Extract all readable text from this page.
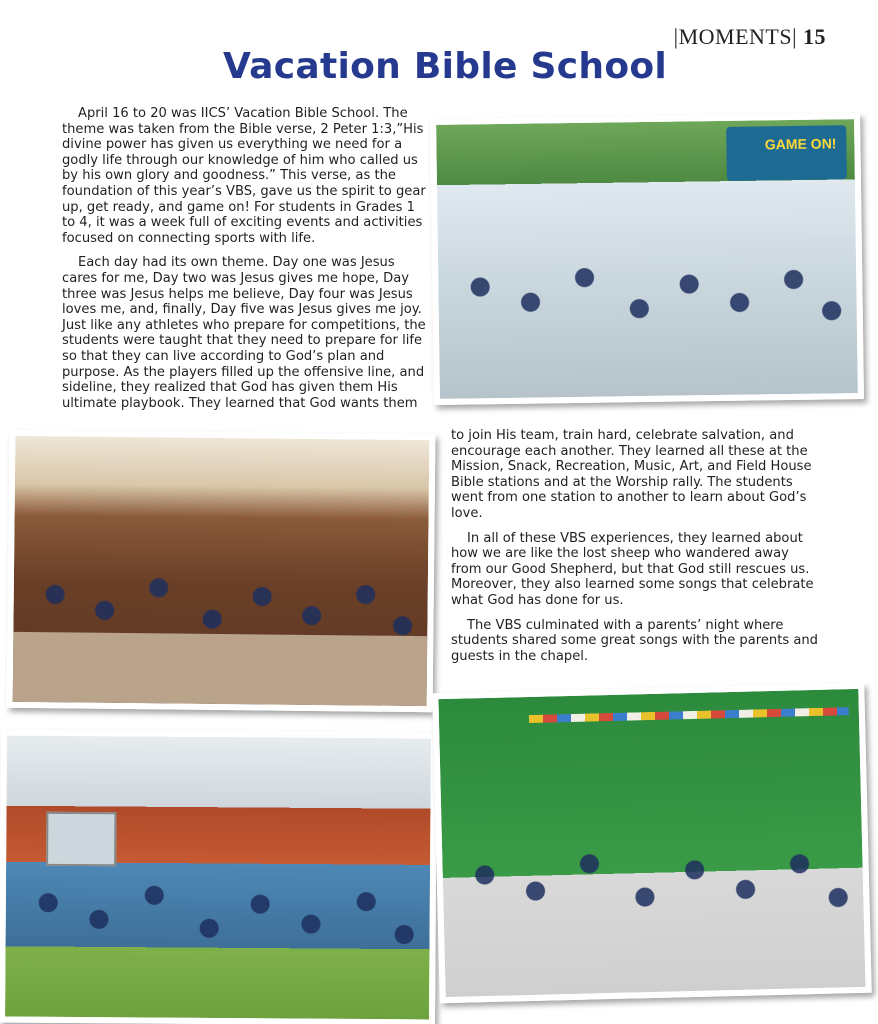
|MOMENTS| 15
Vacation Bible School

April 16 to 20 was IICS’ Vacation Bible School. The theme was taken from the Bible verse, 2 Peter 1:3,”His divine power has given us everything we need for a godly life through our knowledge of him who called us by his own glory and goodness.” This verse, as the foundation of this year’s VBS, gave us the spirit to gear up, get ready, and game on! For students in Grades 1 to 4, it was a week full of exciting events and activities focused on connecting sports with life.

Each day had its own theme. Day one was Jesus cares for me, Day two was Jesus gives me hope, Day three was Jesus helps me believe, Day four was Jesus loves me, and, finally, Day five was Jesus gives me joy. Just like any athletes who prepare for competitions, the students were taught that they need to prepare for life so that they can live according to God’s plan and purpose. As the players filled up the offensive line, and sideline, they realized that God has given them His ultimate playbook. They learned that God wants them

GAME ON!

to join His team, train hard, celebrate salvation, and encourage each another. They learned all these at the Mission, Snack, Recreation, Music, Art, and Field House Bible stations and at the Worship rally. The students went from one station to another to learn about God’s love.

In all of these VBS experiences, they learned about how we are like the lost sheep who wandered away from our Good Shepherd, but that God still rescues us. Moreover, they also learned some songs that celebrate what God has done for us.

The VBS culminated with a parents’ night where students shared some great songs with the parents and guests in the chapel.
